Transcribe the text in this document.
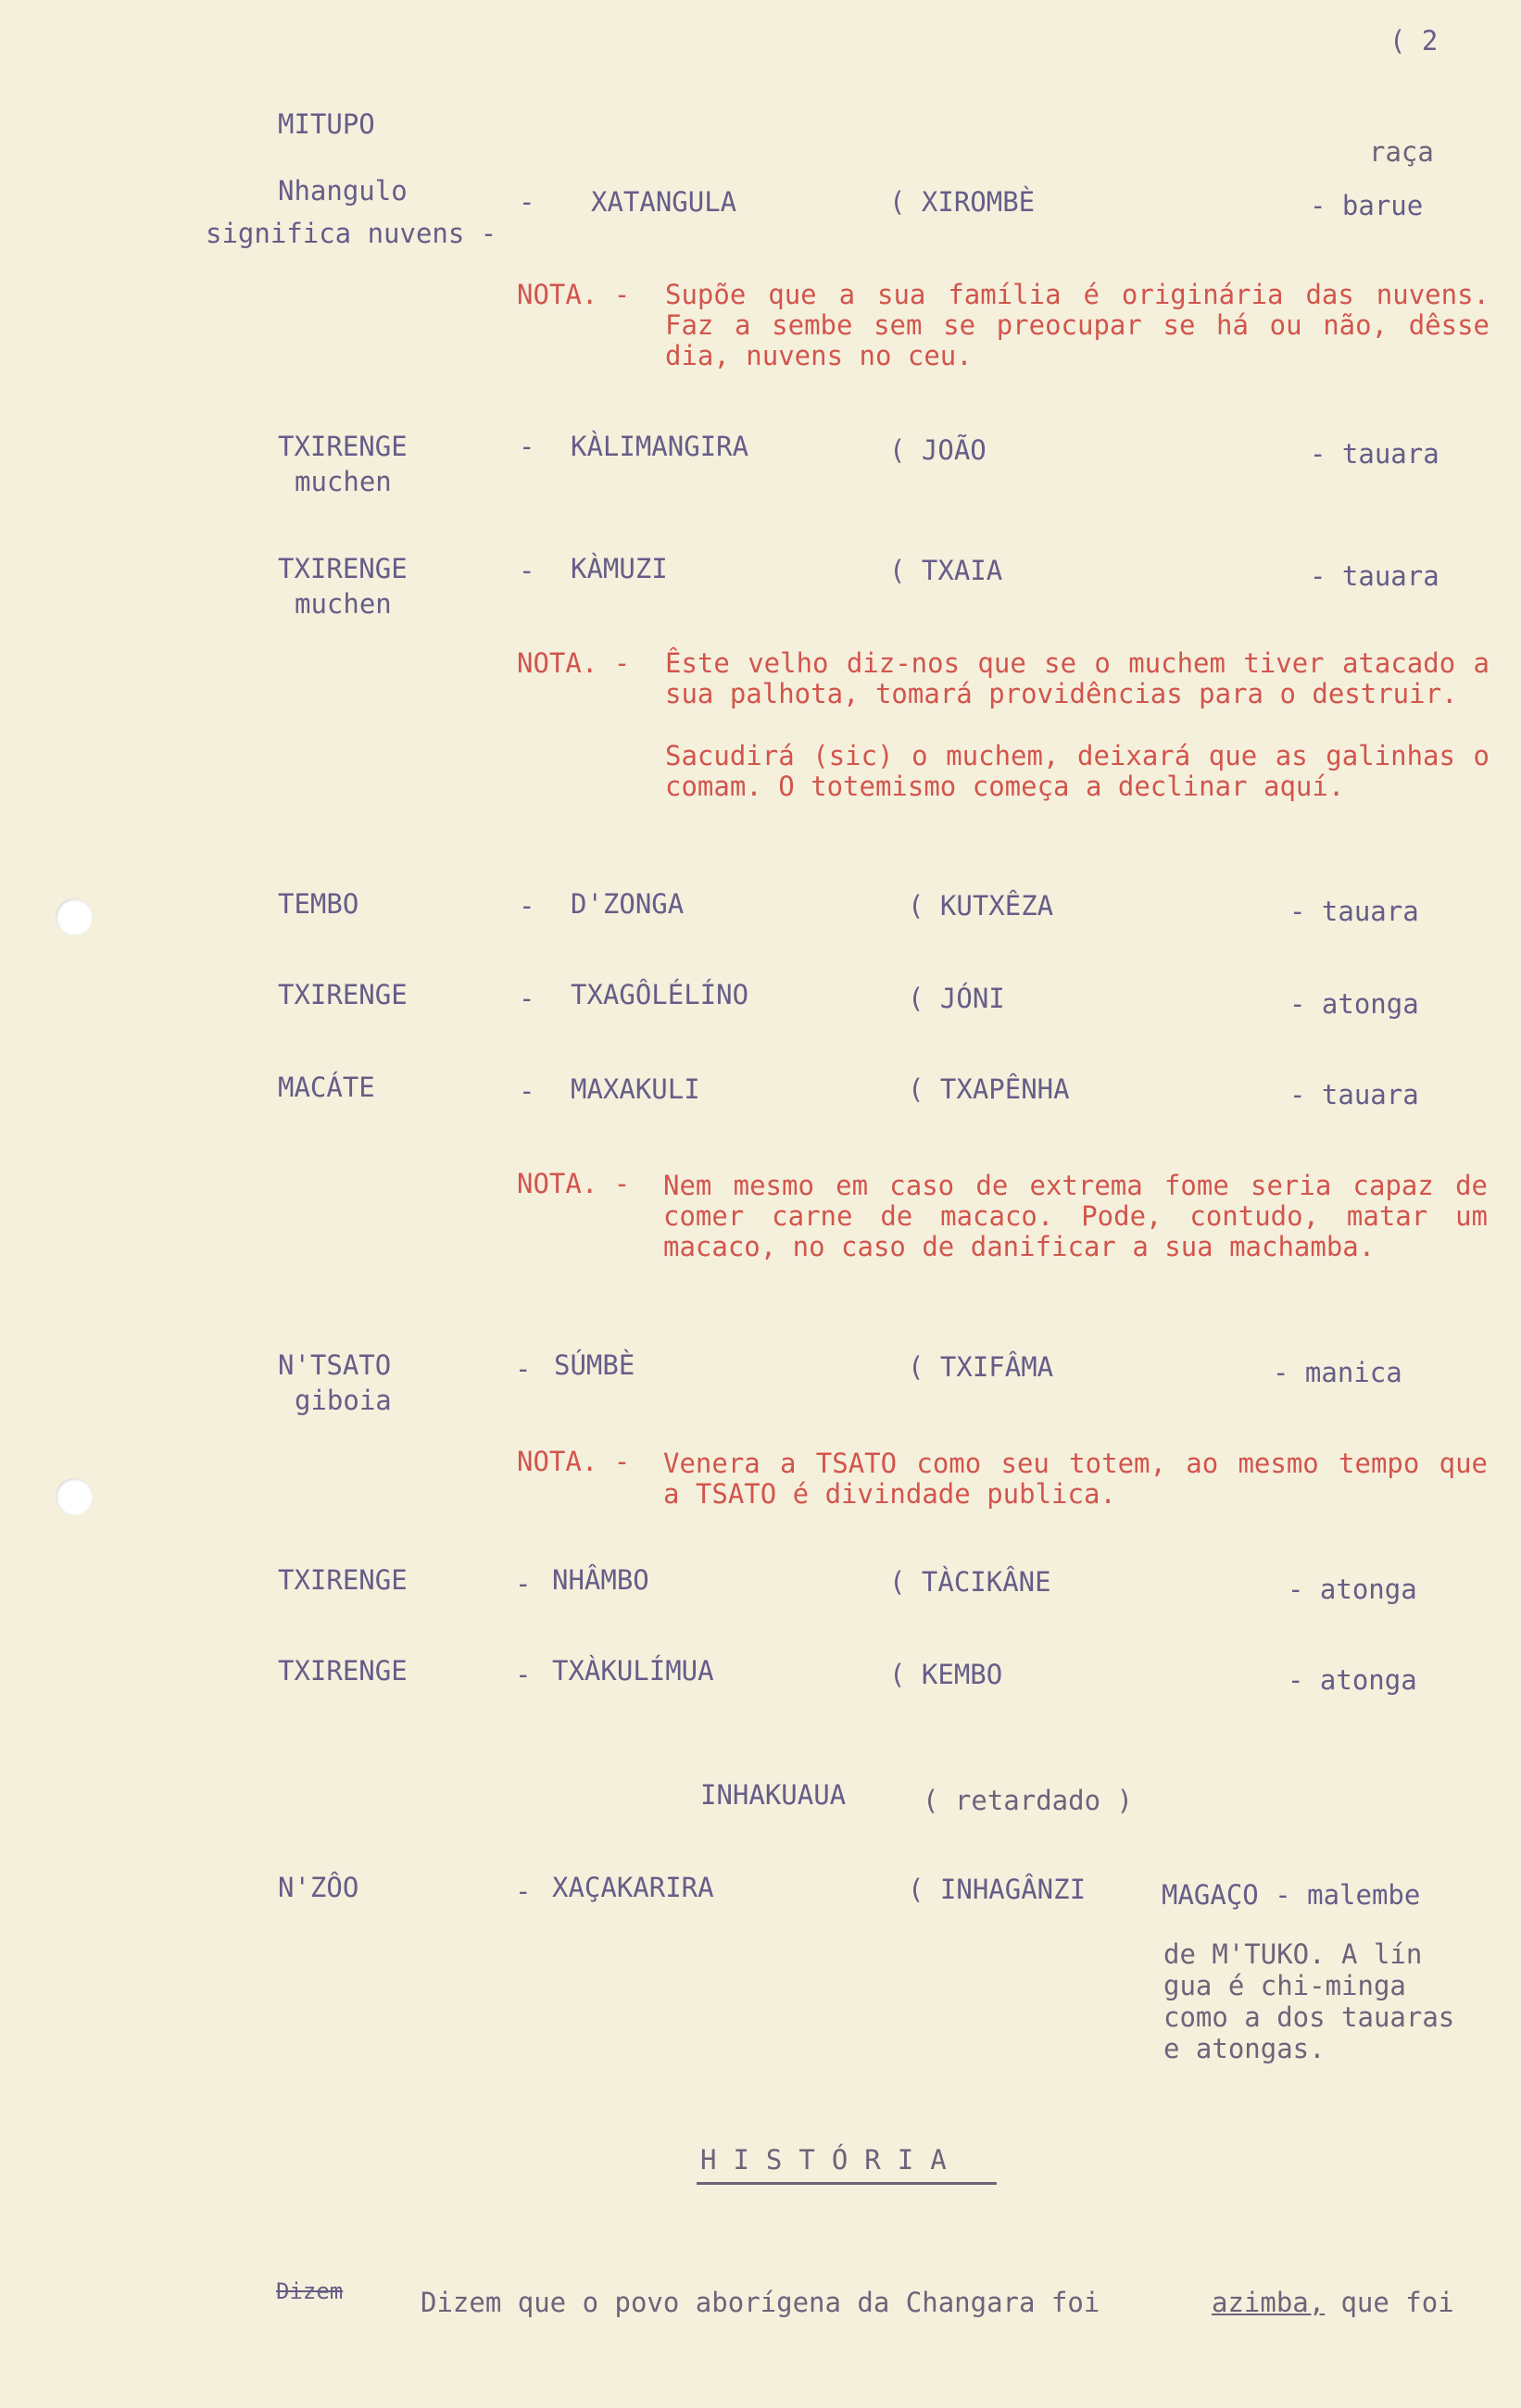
( 2
MITUPO
raça
Nhangulo
significa nuvens -
- XATANGULA	( XIROMBÈ	- barue
NOTA. - Supõe que a sua família é originária das nuvens. Faz a sembe sem se preocupar se há ou não, dêsse dia, nuvens no ceu.
TXIRENGE
muchen
- KÀLIMANGIRA	( JOÃO	- tauara
TXIRENGE
muchen
- KÀMUZI	( TXAIA	- tauara
NOTA. - Êste velho diz-nos que se o muchem tiver atacado a sua palhota, tomará providências para o destruir.
Sacudirá (sic) o muchem, deixará que as galinhas o comam. O totemismo começa a declinar aquí.
TEMBO	- D'ZONGA	( KUTXÊZA	- tauara
TXIRENGE	- TXAGÔLÉLÍNO	( JÓNI	- atonga
MACÁTE	- MAXAKULI	( TXAPÊNHA	- tauara
NOTA. - Nem mesmo em caso de extrema fome seria capaz de comer carne de macaco. Pode, contudo, matar um macaco, no caso de danificar a sua machamba.
N'TSATO
giboia
- SÚMBÈ	( TXIFÂMA	- manica
NOTA. - Venera a TSATO como seu totem, ao mesmo tempo que a TSATO é divindade publica.
TXIRENGE	- NHÂMBO	( TÀCIKÂNE	- atonga
TXIRENGE	- TXÀKULÍMUA	( KEMBO	- atonga
INHAKUAUA	( retardado )
N'ZÔO	- XAÇAKARIRA	( INHAGÂNZI	MAGAÇO - malembe
de M'TUKO. A lín
gua é chi-minga
como a dos tauaras
e atongas.
HISTÓRIA
Dizem	Dizem que o povo aborígena da Changara foi	azimba, que foi
